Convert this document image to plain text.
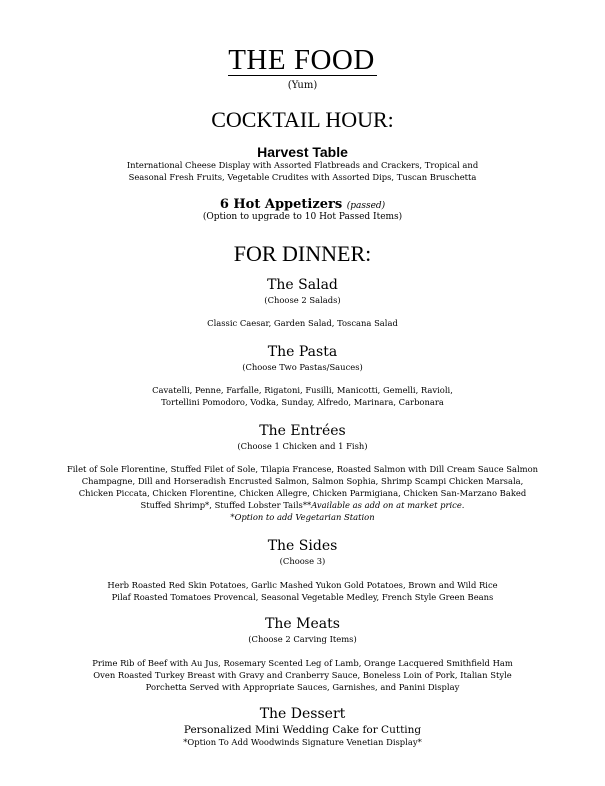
THE FOOD
(Yum)
COCKTAIL HOUR:
Harvest Table
International Cheese Display with Assorted Flatbreads and Crackers, Tropical and
Seasonal Fresh Fruits, Vegetable Crudites with Assorted Dips, Tuscan Bruschetta
6 Hot Appetizers (passed)
(Option to upgrade to 10 Hot Passed Items)
FOR DINNER:
The Salad
(Choose 2 Salads)
Classic Caesar, Garden Salad, Toscana Salad
The Pasta
(Choose Two Pastas/Sauces)
Cavatelli, Penne, Farfalle, Rigatoni, Fusilli, Manicotti, Gemelli, Ravioli,
Tortellini Pomodoro, Vodka, Sunday, Alfredo, Marinara, Carbonara
The Entrées
(Choose 1 Chicken and 1 Fish)
Filet of Sole Florentine, Stuffed Filet of Sole, Tilapia Francese, Roasted Salmon with Dill Cream Sauce Salmon
Champagne, Dill and Horseradish Encrusted Salmon, Salmon Sophia, Shrimp Scampi Chicken Marsala,
Chicken Piccata, Chicken Florentine, Chicken Allegre, Chicken Parmigiana, Chicken San-Marzano Baked
Stuffed Shrimp*, Stuffed Lobster Tails**Available as add on at market price.
*Option to add Vegetarian Station
The Sides
(Choose 3)
Herb Roasted Red Skin Potatoes, Garlic Mashed Yukon Gold Potatoes, Brown and Wild Rice
Pilaf Roasted Tomatoes Provencal, Seasonal Vegetable Medley, French Style Green Beans
The Meats
(Choose 2 Carving Items)
Prime Rib of Beef with Au Jus, Rosemary Scented Leg of Lamb, Orange Lacquered Smithfield Ham
Oven Roasted Turkey Breast with Gravy and Cranberry Sauce, Boneless Loin of Pork, Italian Style
Porchetta Served with Appropriate Sauces, Garnishes, and Panini Display
The Dessert
Personalized Mini Wedding Cake for Cutting
*Option To Add Woodwinds Signature Venetian Display*
